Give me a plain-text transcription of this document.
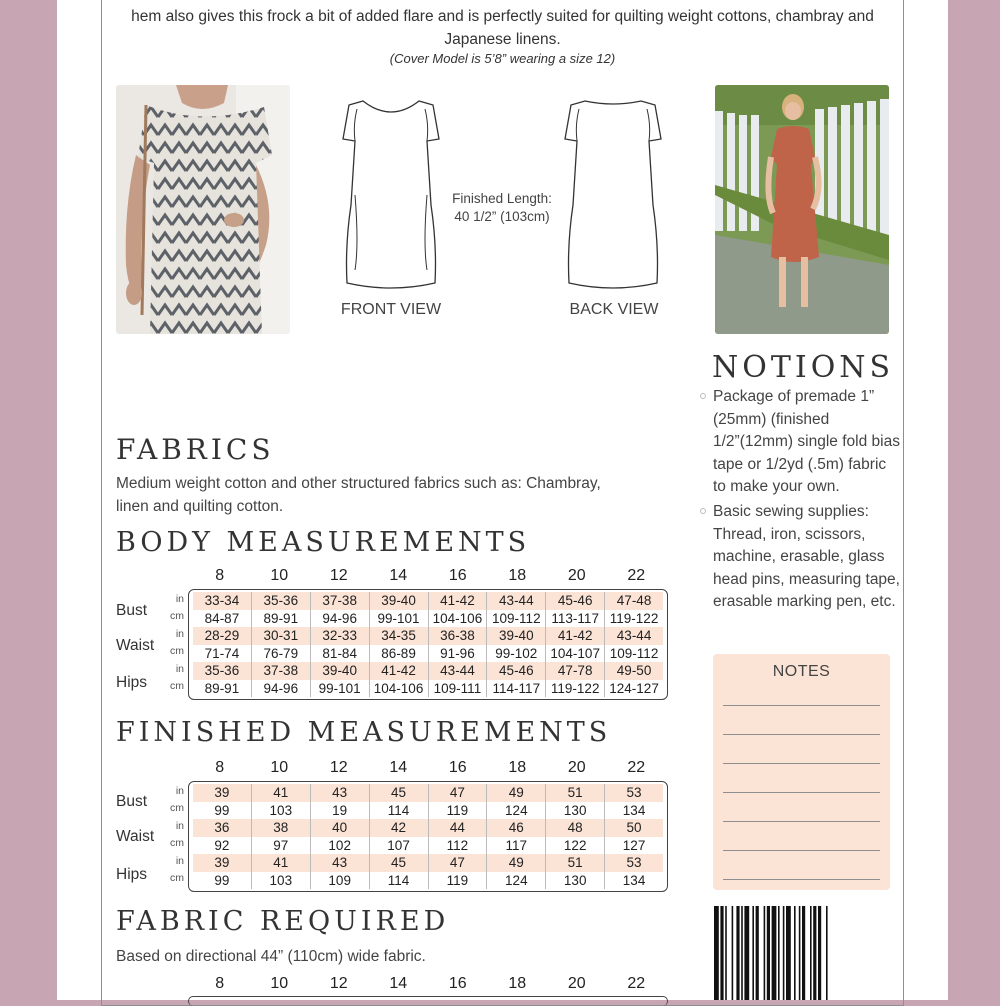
hem also gives this frock a bit of added flare and is perfectly suited for quilting weight cottons, chambray and
Japanese linens.
(Cover Model is 5’8” wearing a size 12)
FRONT VIEW
Finished Length:
40 1/2” (103cm)
BACK VIEW
NOTIONS
Package of premade 1” (25mm) (finished 1/2”(12mm) single fold bias tape or 1/2yd (.5m) fabric to make your own.
Basic sewing supplies: Thread, iron, scissors, machine, erasable, glass head pins, measuring tape, erasable marking pen, etc.
NOTES
FABRICS
Medium weight cotton and other structured fabrics such as: Chambray,
linen and quilting cotton.
BODY MEASUREMENTS
8	10	12	14	16	18	20	22
33-34	35-36	37-38	39-40	41-42	43-44	45-46	47-48
84-87	89-91	94-96	99-101 104-106 109-112 113-117 119-122
28-29	30-31	32-33	34-35	36-38	39-40	41-42	43-44
71-74	76-79	81-84	86-89	91-96	99-102 104-107 109-112
35-36	37-38	39-40	41-42	43-44	45-46	47-78	49-50
89-91	94-96	99-101 104-106 109-111 114-117 119-122 124-127
Bust
Waist
Hips
in
cm
in
cm
in
cm
FINISHED MEASUREMENTS
8	10	12	14	16	18	20	22
39	41	43	45	47	49	51	53
99	103	19	114	119	124	130	134
36	38	40	42	44	46	48	50
92	97	102	107	112	117	122	127
39	41	43	45	47	49	51	53
99	103	109	114	119	124	130	134
Bust
Waist
Hips
in
cm
in
cm
in
cm
FABRIC REQUIRED
Based on directional 44” (110cm) wide fabric.
8	10	12	14	16	18	20	22
